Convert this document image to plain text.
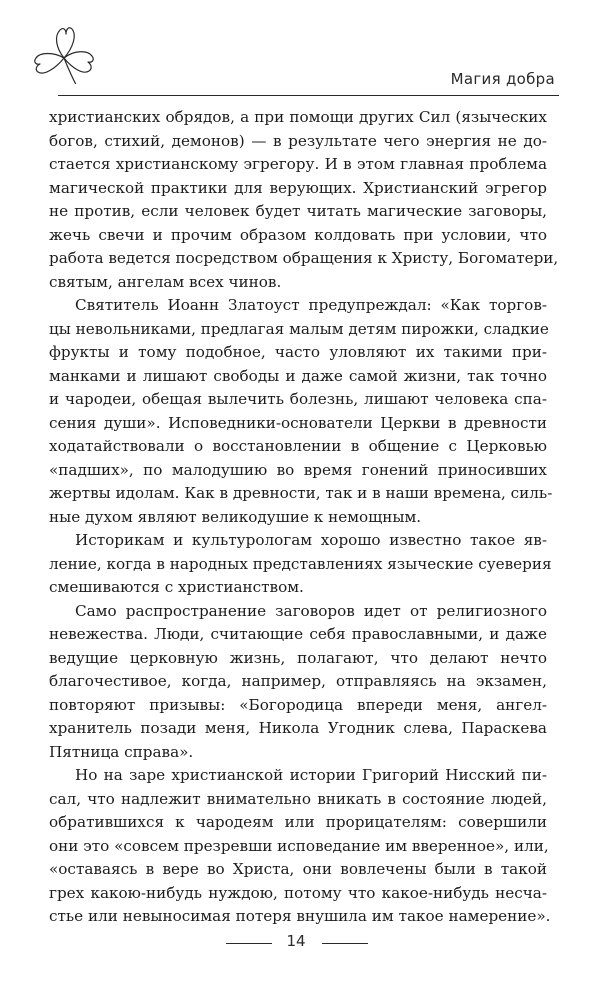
Магия добра
христианских обрядов, а при помощи других Сил (языческих
богов, стихий, демонов) — в результате чего энергия не до-
стается христианскому эгрегору. И в этом главная проблема
магической практики для верующих. Христианский эгрегор
не против, если человек будет читать магические заговоры,
жечь свечи и прочим образом колдовать при условии, что
работа ведется посредством обращения к Христу, Богоматери,
святым, ангелам всех чинов.
Святитель Иоанн Златоуст предупреждал: «Как торгов-
цы невольниками, предлагая малым детям пирожки, сладкие
фрукты и тому подобное, часто уловляют их такими при-
манками и лишают свободы и даже самой жизни, так точно
и чародеи, обещая вылечить болезнь, лишают человека спа-
сения души». Исповедники-основатели Церкви в древности
ходатайствовали о восстановлении в общение с Церковью
«падших», по малодушию во время гонений приносивших
жертвы идолам. Как в древности, так и в наши времена, силь-
ные духом являют великодушие к немощным.
Историкам и культурологам хорошо известно такое яв-
ление, когда в народных представлениях языческие суеверия
смешиваются с христианством.
Само распространение заговоров идет от религиозного
невежества. Люди, считающие себя православными, и даже
ведущие церковную жизнь, полагают, что делают нечто
благочестивое, когда, например, отправляясь на экзамен,
повторяют призывы: «Богородица впереди меня, ангел-
хранитель позади меня, Никола Угодник слева, Параскева
Пятница справа».
Но на заре христианской истории Григорий Нисский пи-
сал, что надлежит внимательно вникать в состояние людей,
обратившихся к чародеям или прорицателям: совершили
они это «совсем презревши исповедание им вверенное», или,
«оставаясь в вере во Христа, они вовлечены были в такой
грех какою-нибудь нуждою, потому что какое-нибудь несча-
стье или невыносимая потеря внушила им такое намерение».
14
